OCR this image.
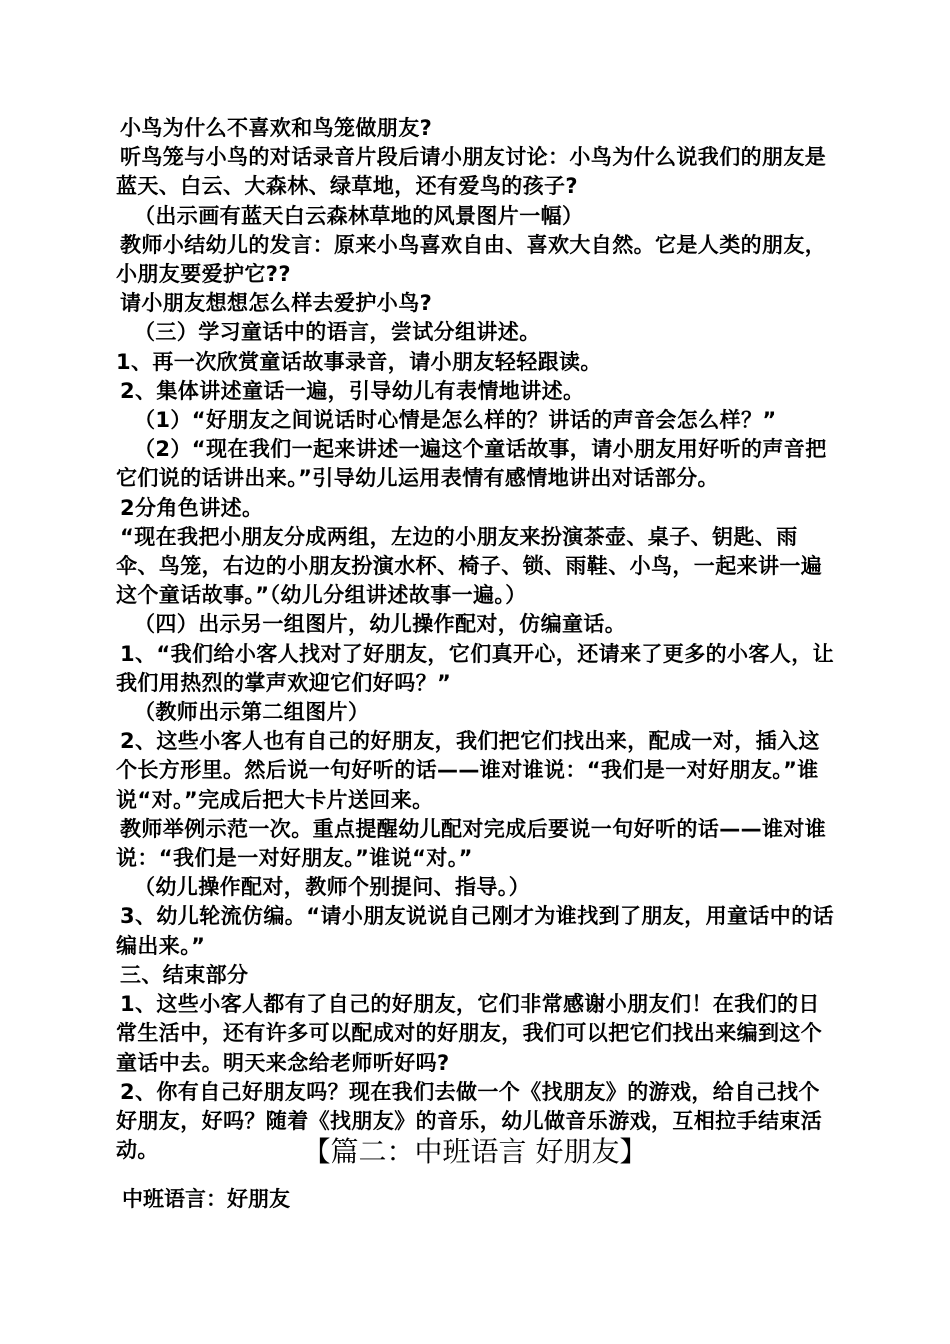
小鸟为什么不喜欢和鸟笼做朋友?

听鸟笼与小鸟的对话录音片段后请小朋友讨论：小鸟为什么说我们的朋友是蓝天、白云、大森林、绿草地，还有爱鸟的孩子?

（出示画有蓝天白云森林草地的风景图片一幅）

教师小结幼儿的发言：原来小鸟喜欢自由、喜欢大自然。它是人类的朋友，小朋友要爱护它??

请小朋友想想怎么样去爱护小鸟?

（三）学习童话中的语言，尝试分组讲述。

1、再一次欣赏童话故事录音，请小朋友轻轻跟读。

2、集体讲述童话一遍，引导幼儿有表情地讲述。

（1）“好朋友之间说话时心情是怎么样的？讲话的声音会怎么样？”

（2）“现在我们一起来讲述一遍这个童话故事，请小朋友用好听的声音把它们说的话讲出来。”引导幼儿运用表情有感情地讲出对话部分。

2分角色讲述。

“现在我把小朋友分成两组，左边的小朋友来扮演茶壶、桌子、钥匙、雨伞、鸟笼，右边的小朋友扮演水杯、椅子、锁、雨鞋、小鸟，一起来讲一遍这个童话故事。”（幼儿分组讲述故事一遍。）

（四）出示另一组图片，幼儿操作配对，仿编童话。

1、“我们给小客人找对了好朋友，它们真开心，还请来了更多的小客人，让我们用热烈的掌声欢迎它们好吗？”

（教师出示第二组图片）

2、这些小客人也有自己的好朋友，我们把它们找出来，配成一对，插入这个长方形里。然后说一句好听的话——谁对谁说：“我们是一对好朋友。”谁说“对。”完成后把大卡片送回来。

教师举例示范一次。重点提醒幼儿配对完成后要说一句好听的话——谁对谁说：“我们是一对好朋友。”谁说“对。”

（幼儿操作配对，教师个别提问、指导。）

3、幼儿轮流仿编。“请小朋友说说自己刚才为谁找到了朋友，用童话中的话编出来。”

三、结束部分

1、这些小客人都有了自己的好朋友，它们非常感谢小朋友们！在我们的日常生活中，还有许多可以配成对的好朋友，我们可以把它们找出来编到这个童话中去。明天来念给老师听好吗?

2、你有自己好朋友吗？现在我们去做一个《找朋友》的游戏，给自己找个好朋友，好吗？随着《找朋友》的音乐，幼儿做音乐游戏，互相拉手结束活动。	【篇二：中班语言 好朋友】

中班语言：好朋友
